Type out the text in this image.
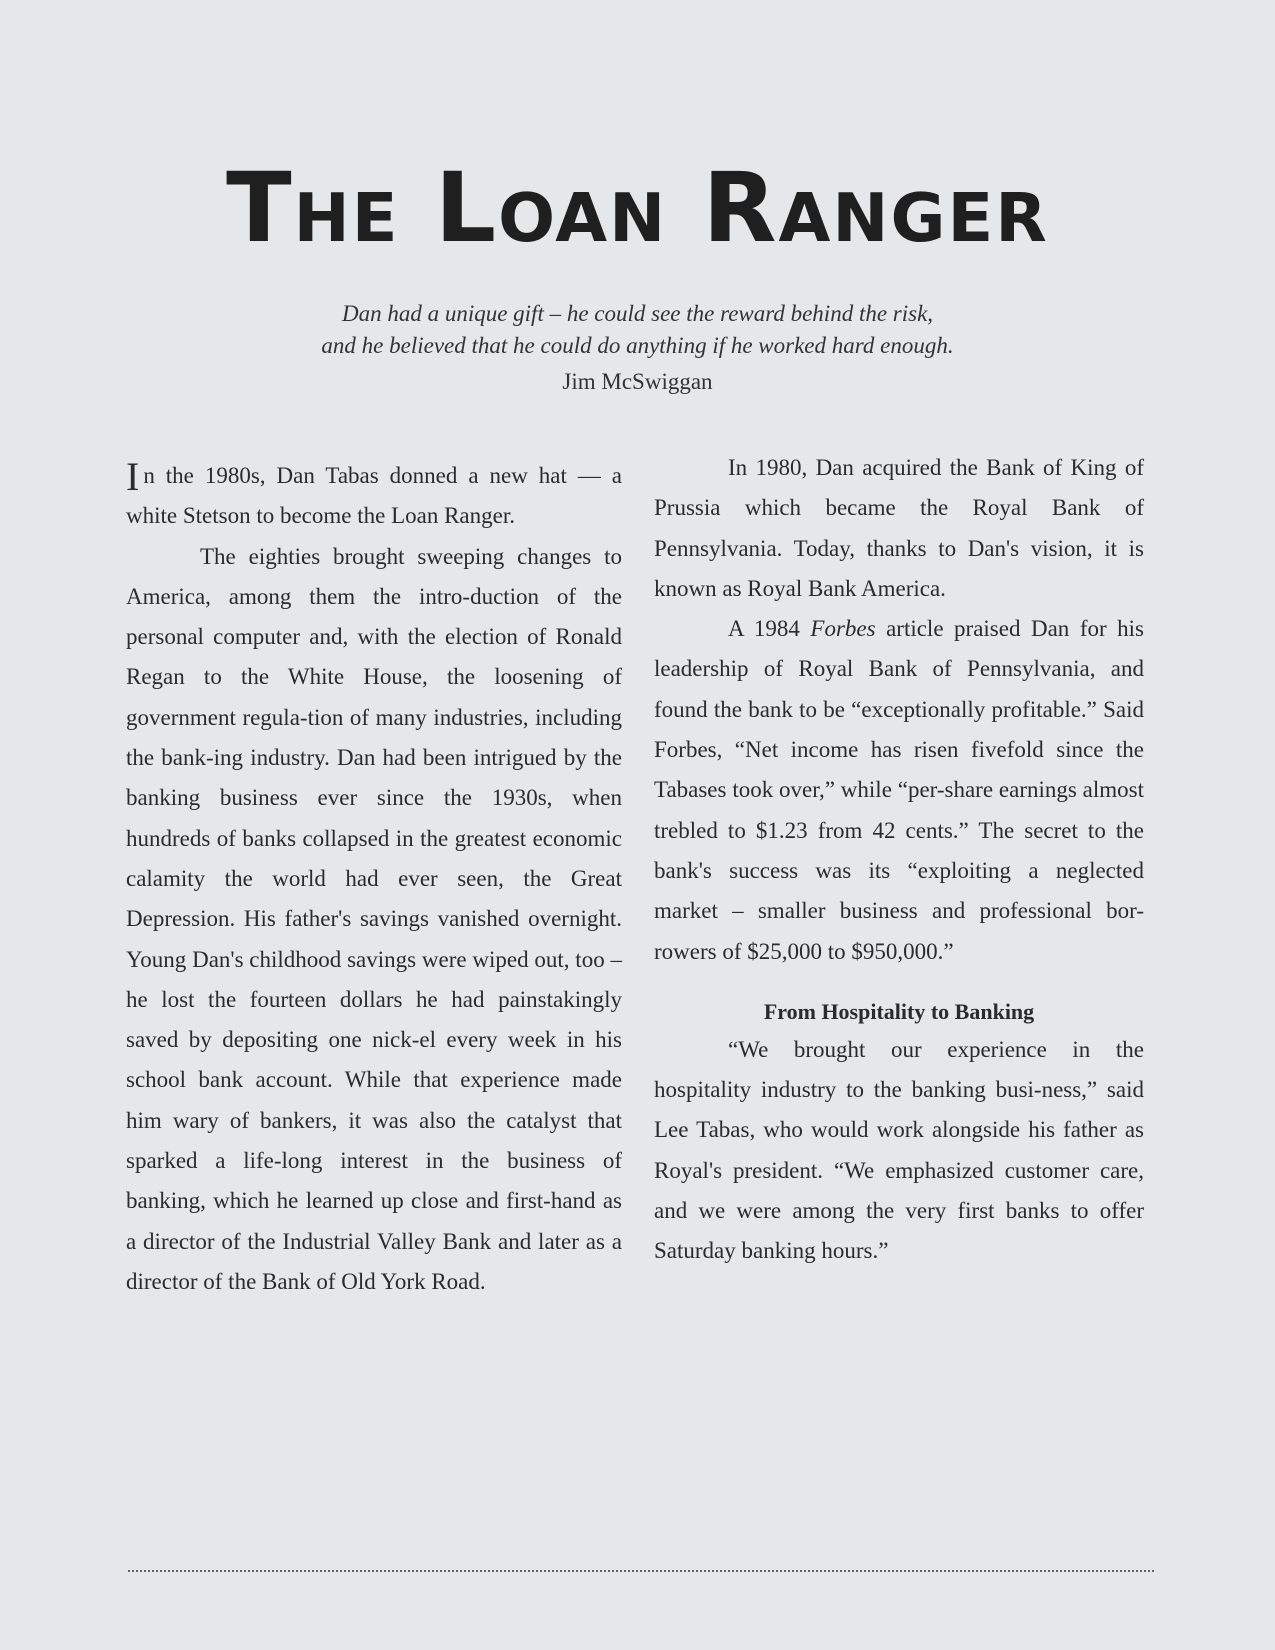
The Loan Ranger
Dan had a unique gift – he could see the reward behind the risk,
and he believed that he could do anything if he worked hard enough.
Jim McSwiggan

In the 1980s, Dan Tabas donned a new hat — a white Stetson to become the Loan Ranger.

The eighties brought sweeping changes to America, among them the intro-duction of the personal computer and, with the election of Ronald Regan to the White House, the loosening of government regula-tion of many industries, including the bank-ing industry. Dan had been intrigued by the banking business ever since the 1930s, when hundreds of banks collapsed in the greatest economic calamity the world had ever seen, the Great Depression. His father's savings vanished overnight. Young Dan's childhood savings were wiped out, too – he lost the fourteen dollars he had painstakingly saved by depositing one nick-el every week in his school bank account. While that experience made him wary of bankers, it was also the catalyst that sparked a life-long interest in the business of banking, which he learned up close and first-hand as a director of the Industrial Valley Bank and later as a director of the Bank of Old York Road.

In 1980, Dan acquired the Bank of King of Prussia which became the Royal Bank of Pennsylvania. Today, thanks to Dan's vision, it is known as Royal Bank America.

A 1984 Forbes article praised Dan for his leadership of Royal Bank of Pennsylvania, and found the bank to be “exceptionally profitable.” Said Forbes, “Net income has risen fivefold since the Tabases took over,” while “per-share earnings almost trebled to $1.23 from 42 cents.” The secret to the bank's success was its “exploiting a neglected market – smaller business and professional bor-rowers of $25,000 to $950,000.”

From Hospitality to Banking

“We brought our experience in the hospitality industry to the banking busi-ness,” said Lee Tabas, who would work alongside his father as Royal's president. “We emphasized customer care, and we were among the very first banks to offer Saturday banking hours.”
